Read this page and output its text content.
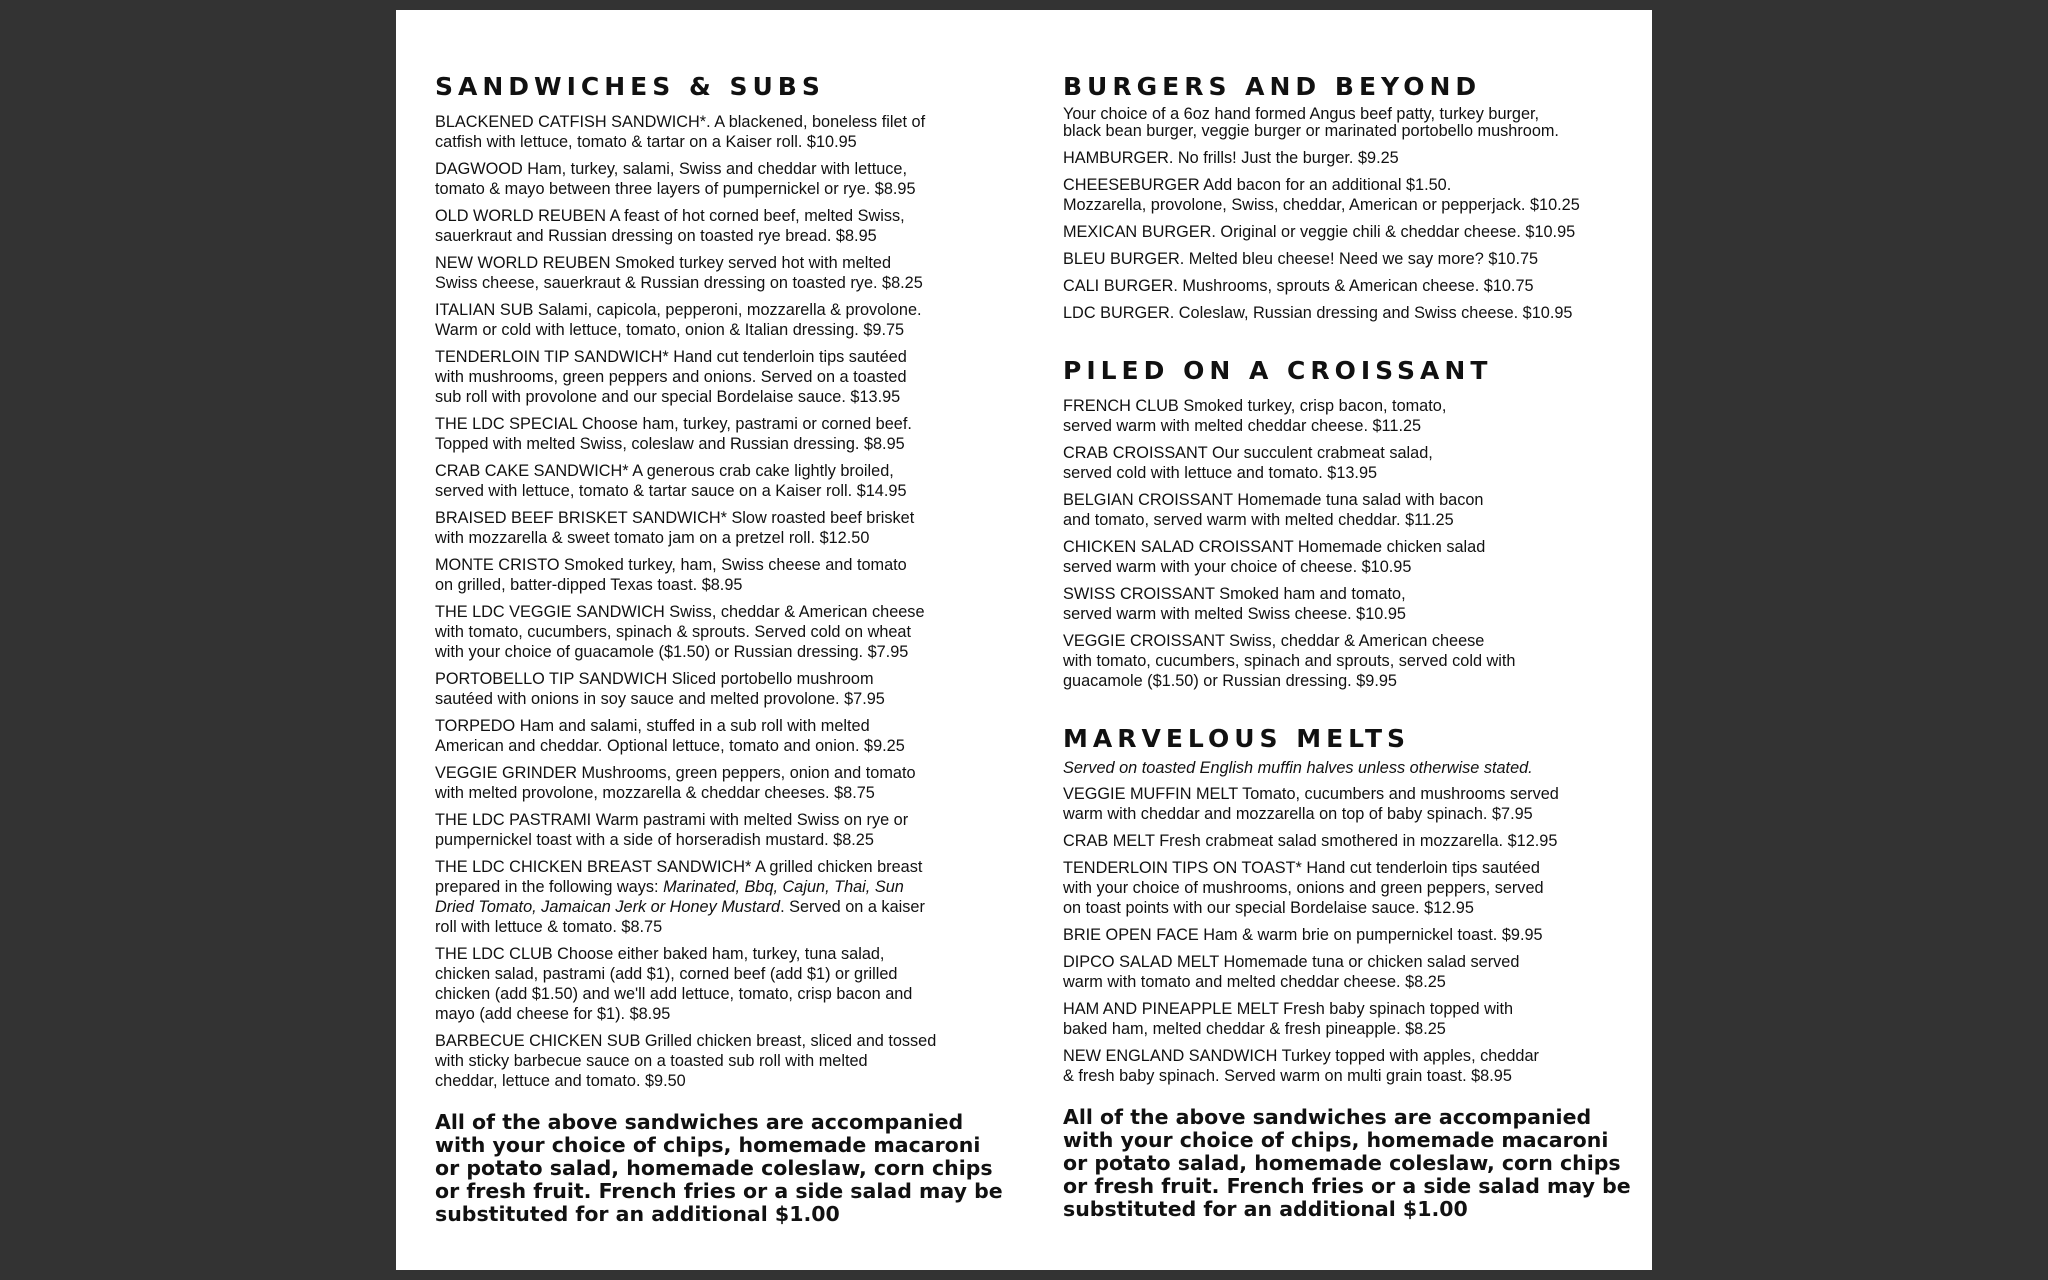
SANDWICHES & SUBS
BLACKENED CATFISH SANDWICH*. A blackened, boneless filet of
catfish with lettuce, tomato & tartar on a Kaiser roll. $10.95
DAGWOOD Ham, turkey, salami, Swiss and cheddar with lettuce,
tomato & mayo between three layers of pumpernickel or rye. $8.95
OLD WORLD REUBEN A feast of hot corned beef, melted Swiss,
sauerkraut and Russian dressing on toasted rye bread. $8.95
NEW WORLD REUBEN Smoked turkey served hot with melted
Swiss cheese, sauerkraut & Russian dressing on toasted rye. $8.25
ITALIAN SUB Salami, capicola, pepperoni, mozzarella & provolone.
Warm or cold with lettuce, tomato, onion & Italian dressing. $9.75
TENDERLOIN TIP SANDWICH* Hand cut tenderloin tips sautéed
with mushrooms, green peppers and onions. Served on a toasted
sub roll with provolone and our special Bordelaise sauce. $13.95
THE LDC SPECIAL Choose ham, turkey, pastrami or corned beef.
Topped with melted Swiss, coleslaw and Russian dressing. $8.95
CRAB CAKE SANDWICH* A generous crab cake lightly broiled,
served with lettuce, tomato & tartar sauce on a Kaiser roll. $14.95
BRAISED BEEF BRISKET SANDWICH* Slow roasted beef brisket
with mozzarella & sweet tomato jam on a pretzel roll. $12.50
MONTE CRISTO Smoked turkey, ham, Swiss cheese and tomato
on grilled, batter-dipped Texas toast. $8.95
THE LDC VEGGIE SANDWICH Swiss, cheddar & American cheese
with tomato, cucumbers, spinach & sprouts. Served cold on wheat
with your choice of guacamole ($1.50) or Russian dressing. $7.95
PORTOBELLO TIP SANDWICH Sliced portobello mushroom
sautéed with onions in soy sauce and melted provolone. $7.95
TORPEDO Ham and salami, stuffed in a sub roll with melted
American and cheddar. Optional lettuce, tomato and onion. $9.25
VEGGIE GRINDER Mushrooms, green peppers, onion and tomato
with melted provolone, mozzarella & cheddar cheeses. $8.75
THE LDC PASTRAMI Warm pastrami with melted Swiss on rye or
pumpernickel toast with a side of horseradish mustard. $8.25
THE LDC CHICKEN BREAST SANDWICH* A grilled chicken breast
prepared in the following ways: Marinated, Bbq, Cajun, Thai, Sun
Dried Tomato, Jamaican Jerk or Honey Mustard. Served on a kaiser
roll with lettuce & tomato. $8.75
THE LDC CLUB Choose either baked ham, turkey, tuna salad,
chicken salad, pastrami (add $1), corned beef (add $1) or grilled
chicken (add $1.50) and we'll add lettuce, tomato, crisp bacon and
mayo (add cheese for $1). $8.95
BARBECUE CHICKEN SUB Grilled chicken breast, sliced and tossed
with sticky barbecue sauce on a toasted sub roll with melted
cheddar, lettuce and tomato. $9.50
All of the above sandwiches are accompanied
with your choice of chips, homemade macaroni
or potato salad, homemade coleslaw, corn chips
or fresh fruit. French fries or a side salad may be
substituted for an additional $1.00
BURGERS AND BEYOND
Your choice of a 6oz hand formed Angus beef patty, turkey burger,
black bean burger, veggie burger or marinated portobello mushroom.
HAMBURGER. No frills! Just the burger. $9.25
CHEESEBURGER Add bacon for an additional $1.50.
Mozzarella, provolone, Swiss, cheddar, American or pepperjack. $10.25
MEXICAN BURGER. Original or veggie chili & cheddar cheese. $10.95
BLEU BURGER. Melted bleu cheese! Need we say more? $10.75
CALI BURGER. Mushrooms, sprouts & American cheese. $10.75
LDC BURGER. Coleslaw, Russian dressing and Swiss cheese. $10.95
PILED ON A CROISSANT
FRENCH CLUB Smoked turkey, crisp bacon, tomato,
served warm with melted cheddar cheese. $11.25
CRAB CROISSANT Our succulent crabmeat salad,
served cold with lettuce and tomato. $13.95
BELGIAN CROISSANT Homemade tuna salad with bacon
and tomato, served warm with melted cheddar. $11.25
CHICKEN SALAD CROISSANT Homemade chicken salad
served warm with your choice of cheese. $10.95
SWISS CROISSANT Smoked ham and tomato,
served warm with melted Swiss cheese. $10.95
VEGGIE CROISSANT Swiss, cheddar & American cheese
with tomato, cucumbers, spinach and sprouts, served cold with
guacamole ($1.50) or Russian dressing. $9.95
MARVELOUS MELTS
Served on toasted English muffin halves unless otherwise stated.
VEGGIE MUFFIN MELT Tomato, cucumbers and mushrooms served
warm with cheddar and mozzarella on top of baby spinach. $7.95
CRAB MELT Fresh crabmeat salad smothered in mozzarella. $12.95
TENDERLOIN TIPS ON TOAST* Hand cut tenderloin tips sautéed
with your choice of mushrooms, onions and green peppers, served
on toast points with our special Bordelaise sauce. $12.95
BRIE OPEN FACE Ham & warm brie on pumpernickel toast. $9.95
DIPCO SALAD MELT Homemade tuna or chicken salad served
warm with tomato and melted cheddar cheese. $8.25
HAM AND PINEAPPLE MELT Fresh baby spinach topped with
baked ham, melted cheddar & fresh pineapple. $8.25
NEW ENGLAND SANDWICH Turkey topped with apples, cheddar
& fresh baby spinach. Served warm on multi grain toast. $8.95
All of the above sandwiches are accompanied
with your choice of chips, homemade macaroni
or potato salad, homemade coleslaw, corn chips
or fresh fruit. French fries or a side salad may be
substituted for an additional $1.00
